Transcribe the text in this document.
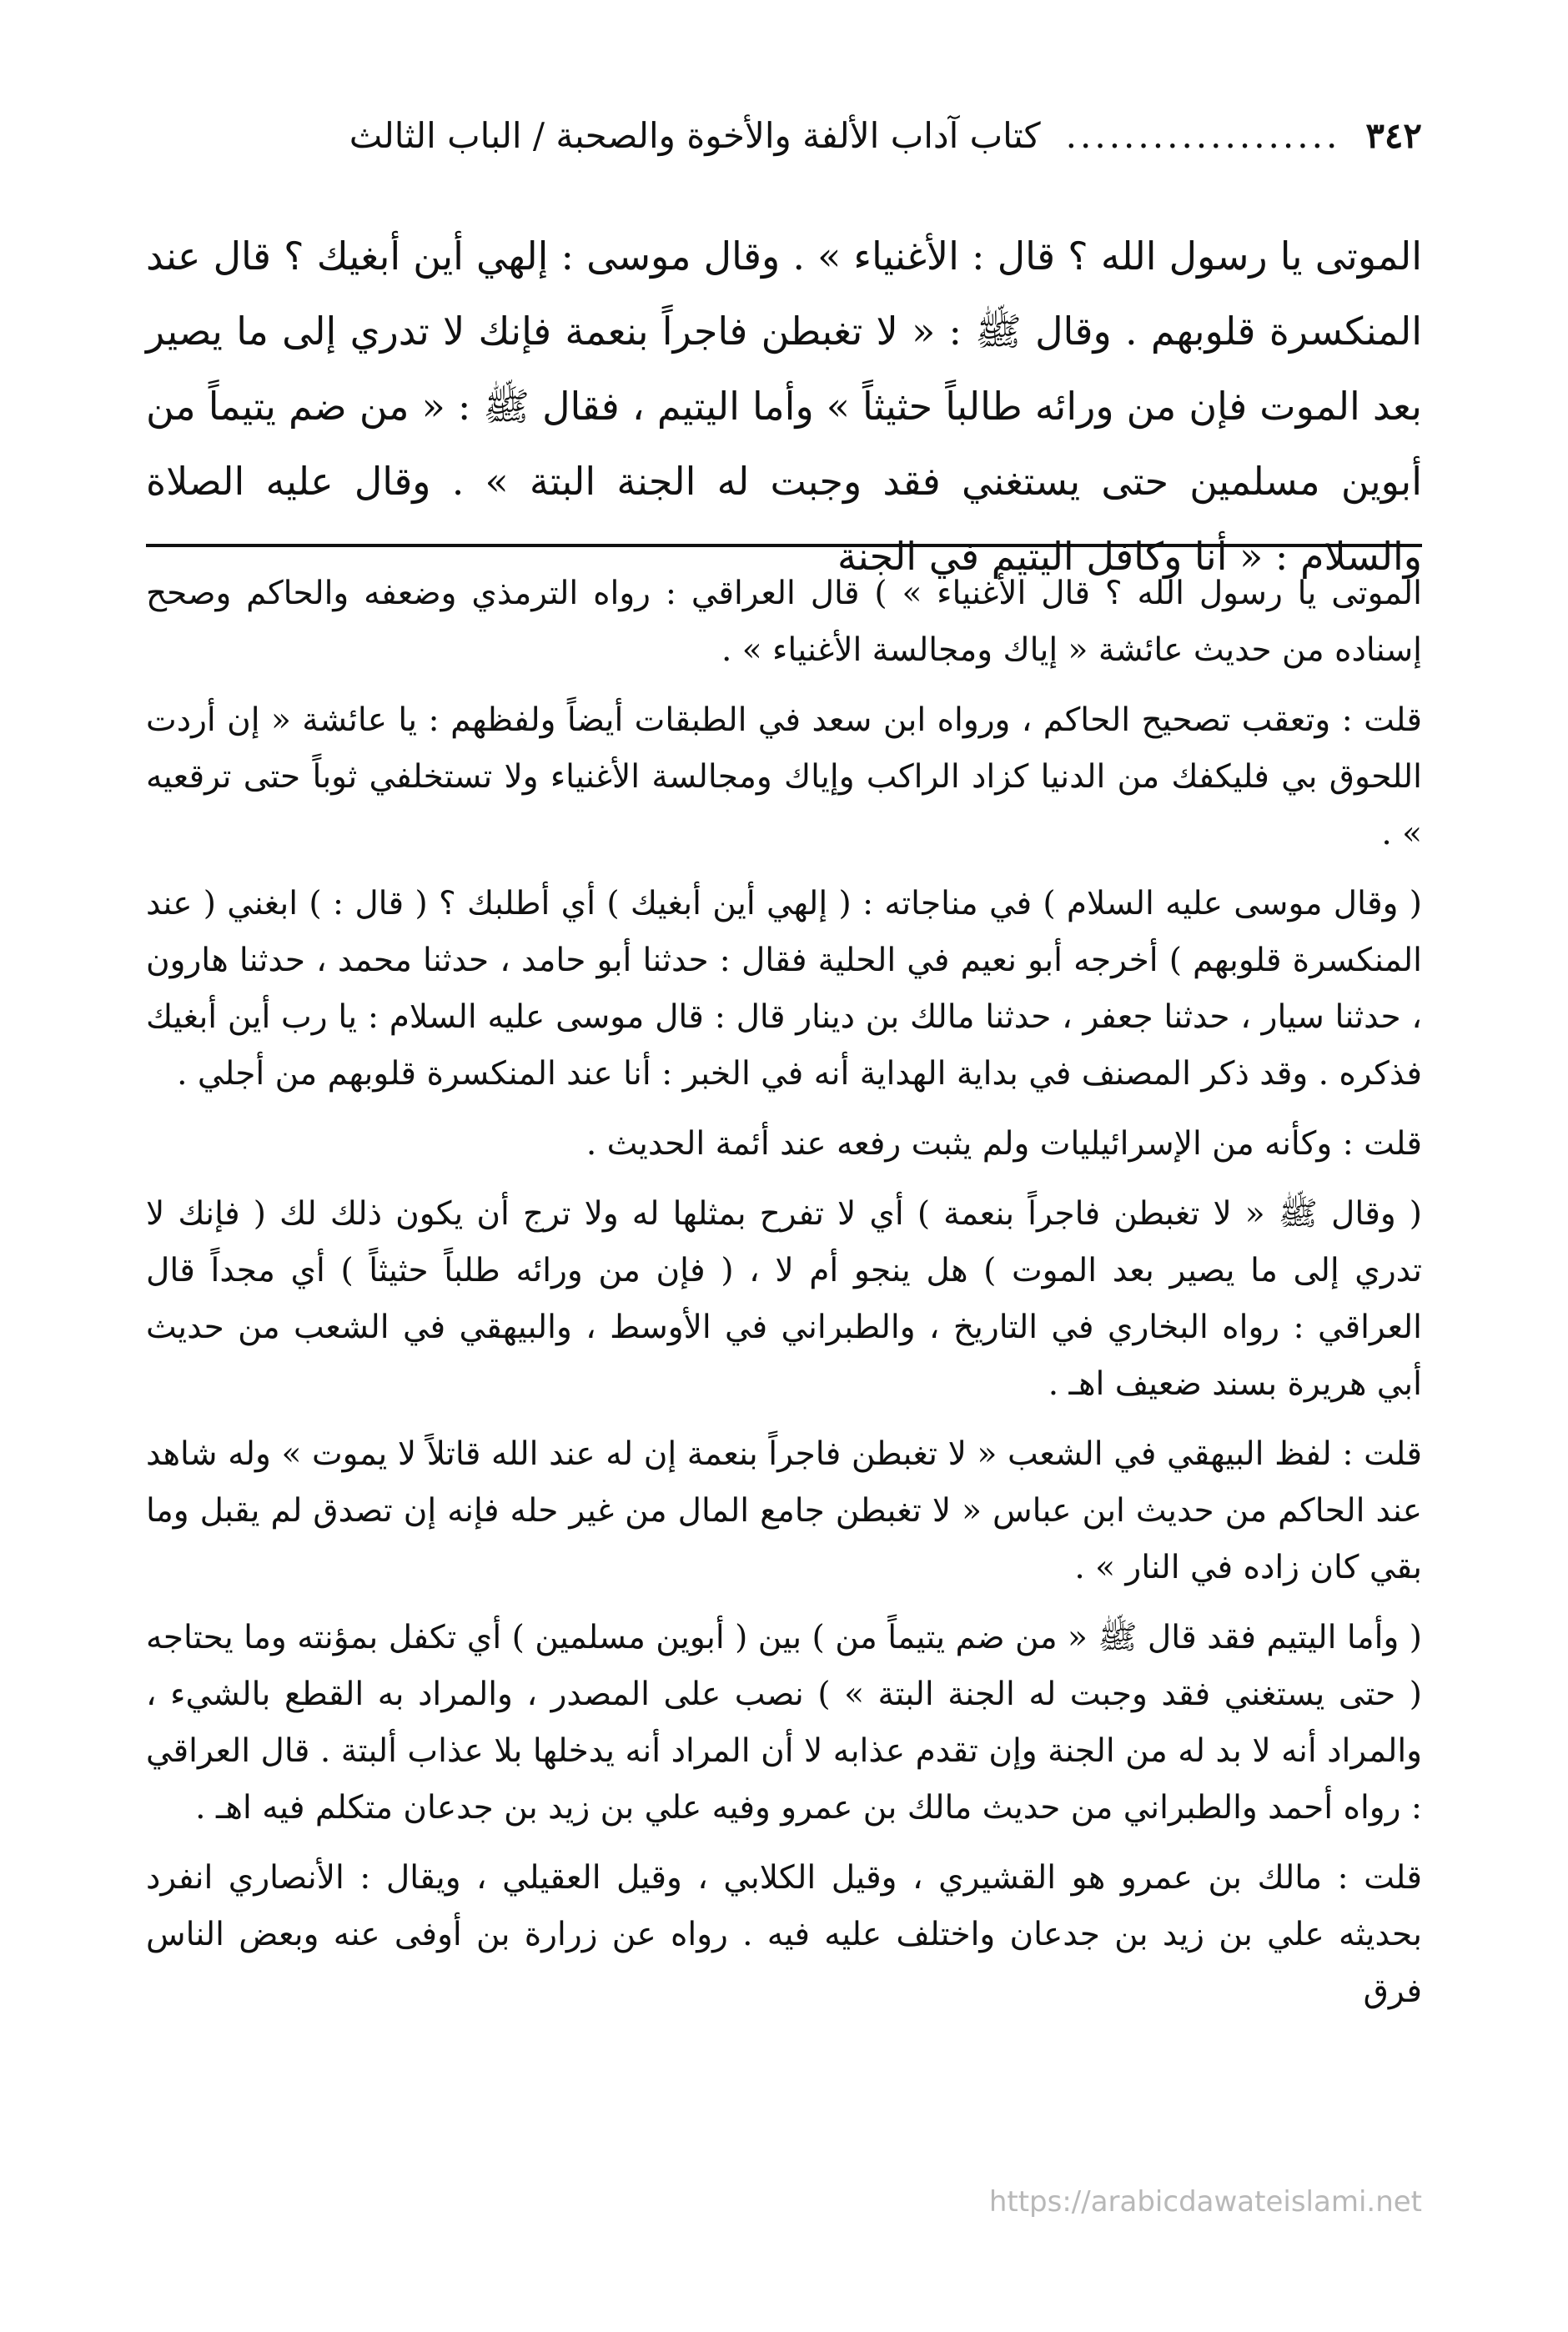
٣٤٢
...................
كتاب آداب الألفة والأخوة والصحبة / الباب الثالث

الموتى يا رسول الله ؟ قال : الأغنياء » . وقال موسى : إلهي أين أبغيك ؟ قال عند المنكسرة قلوبهم . وقال ﷺ : « لا تغبطن فاجراً بنعمة فإنك لا تدري إلى ما يصير بعد الموت فإن من ورائه طالباً حثيثاً » وأما اليتيم ، فقال ﷺ : « من ضم يتيماً من أبوين مسلمين حتى يستغني فقد وجبت له الجنة البتة » . وقال عليه الصلاة والسلام : « أنا وكافل اليتيم في الجنة

الموتى يا رسول الله ؟ قال الأغنياء » ) قال العراقي : رواه الترمذي وضعفه والحاكم وصحح إسناده من حديث عائشة « إياك ومجالسة الأغنياء » .

قلت : وتعقب تصحيح الحاكم ، ورواه ابن سعد في الطبقات أيضاً ولفظهم : يا عائشة « إن أردت اللحوق بي فليكفك من الدنيا كزاد الراكب وإياك ومجالسة الأغنياء ولا تستخلفي ثوباً حتى ترقعيه » .

( وقال موسى عليه السلام ) في مناجاته : ( إلهي أين أبغيك ) أي أطلبك ؟ ( قال : ) ابغني ( عند المنكسرة قلوبهم ) أخرجه أبو نعيم في الحلية فقال : حدثنا أبو حامد ، حدثنا محمد ، حدثنا هارون ، حدثنا سيار ، حدثنا جعفر ، حدثنا مالك بن دينار قال : قال موسى عليه السلام : يا رب أين أبغيك فذكره . وقد ذكر المصنف في بداية الهداية أنه في الخبر : أنا عند المنكسرة قلوبهم من أجلي .

قلت : وكأنه من الإسرائيليات ولم يثبت رفعه عند أئمة الحديث .

( وقال ﷺ « لا تغبطن فاجراً بنعمة ) أي لا تفرح بمثلها له ولا ترج أن يكون ذلك لك ( فإنك لا تدري إلى ما يصير بعد الموت ) هل ينجو أم لا ، ( فإن من ورائه طلباً حثيثاً ) أي مجداً قال العراقي : رواه البخاري في التاريخ ، والطبراني في الأوسط ، والبيهقي في الشعب من حديث أبي هريرة بسند ضعيف اهـ .

قلت : لفظ البيهقي في الشعب « لا تغبطن فاجراً بنعمة إن له عند الله قاتلاً لا يموت » وله شاهد عند الحاكم من حديث ابن عباس « لا تغبطن جامع المال من غير حله فإنه إن تصدق لم يقبل وما بقي كان زاده في النار » .

( وأما اليتيم فقد قال ﷺ « من ضم يتيماً من ) بين ( أبوين مسلمين ) أي تكفل بمؤنته وما يحتاجه ( حتى يستغني فقد وجبت له الجنة البتة » ) نصب على المصدر ، والمراد به القطع بالشيء ، والمراد أنه لا بد له من الجنة وإن تقدم عذابه لا أن المراد أنه يدخلها بلا عذاب ألبتة . قال العراقي : رواه أحمد والطبراني من حديث مالك بن عمرو وفيه علي بن زيد بن جدعان متكلم فيه اهـ .

قلت : مالك بن عمرو هو القشيري ، وقيل الكلابي ، وقيل العقيلي ، ويقال : الأنصاري انفرد بحديثه علي بن زيد بن جدعان واختلف عليه فيه . رواه عن زرارة بن أوفى عنه وبعض الناس فرق

https://arabicdawateislami.net
